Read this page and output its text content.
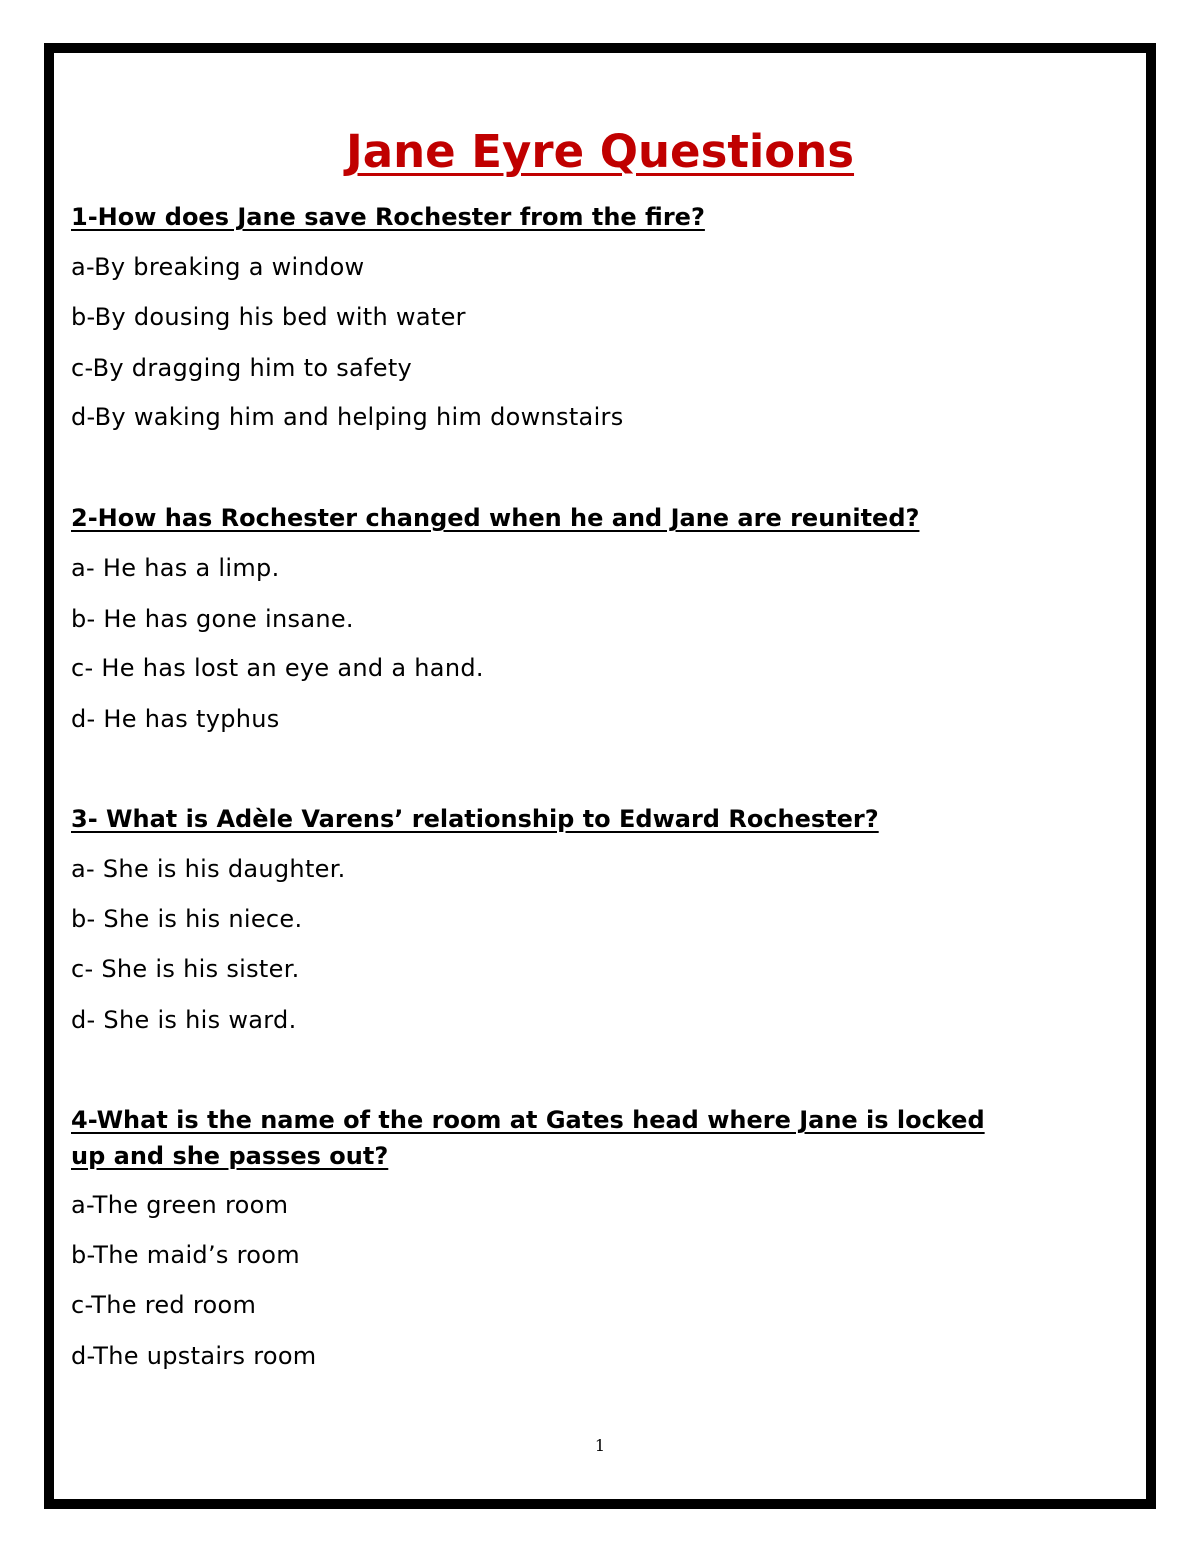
Jane Eyre Questions

1-How does Jane save Rochester from the fire?

a-By breaking a window

b-By dousing his bed with water

c-By dragging him to safety

d-By waking him and helping him downstairs

2-How has Rochester changed when he and Jane are reunited?

a- He has a limp.

b- He has gone insane.

c- He has lost an eye and a hand.

d- He has typhus

3- What is Adèle Varens’ relationship to Edward Rochester?

a- She is his daughter.

b- She is his niece.

c- She is his sister.

d- She is his ward.

4-What is the name of the room at Gates head where Jane is locked

up and she passes out?

a-The green room

b-The maid’s room

c-The red room

d-The upstairs room

1
